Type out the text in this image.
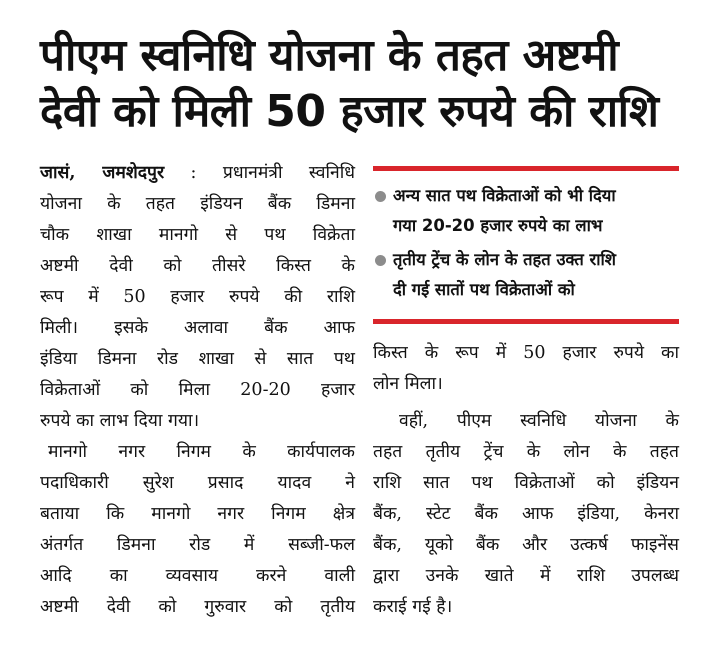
पीएम स्वनिधि योजना के तहत अष्टमी
देवी को मिली 50 हजार रुपये की राशि
जासं, जमशेदपुर : प्रधानमंत्री स्वनिधि
योजना के तहत इंडियन बैंक डिमना
चौक शाखा मानगो से पथ विक्रेता
अष्टमी देवी को तीसरे किस्त के
रूप में 50 हजार रुपये की राशि
मिली। इसके अलावा बैंक आफ
इंडिया डिमना रोड शाखा से सात पथ
विक्रेताओं को मिला 20-20 हजार
रुपये का लाभ दिया गया।
मानगो नगर निगम के कार्यपालक
पदाधिकारी सुरेश प्रसाद यादव ने
बताया कि मानगो नगर निगम क्षेत्र
अंतर्गत डिमना रोड में सब्जी-फल
आदि का व्यवसाय करने वाली
अष्टमी देवी को गुरुवार को तृतीय
अन्य सात पथ विक्रेताओं को भी दिया
गया 20-20 हजार रुपये का लाभ
तृतीय ट्रेंच के लोन के तहत उक्त राशि
दी गई सातों पथ विक्रेताओं को
किस्त के रूप में 50 हजार रुपये का
लोन मिला।
वहीं, पीएम स्वनिधि योजना के
तहत तृतीय ट्रेंच के लोन के तहत
राशि सात पथ विक्रेताओं को इंडियन
बैंक, स्टेट बैंक आफ इंडिया, केनरा
बैंक, यूको बैंक और उत्कर्ष फाइनेंस
द्वारा उनके खाते में राशि उपलब्ध
कराई गई है।
